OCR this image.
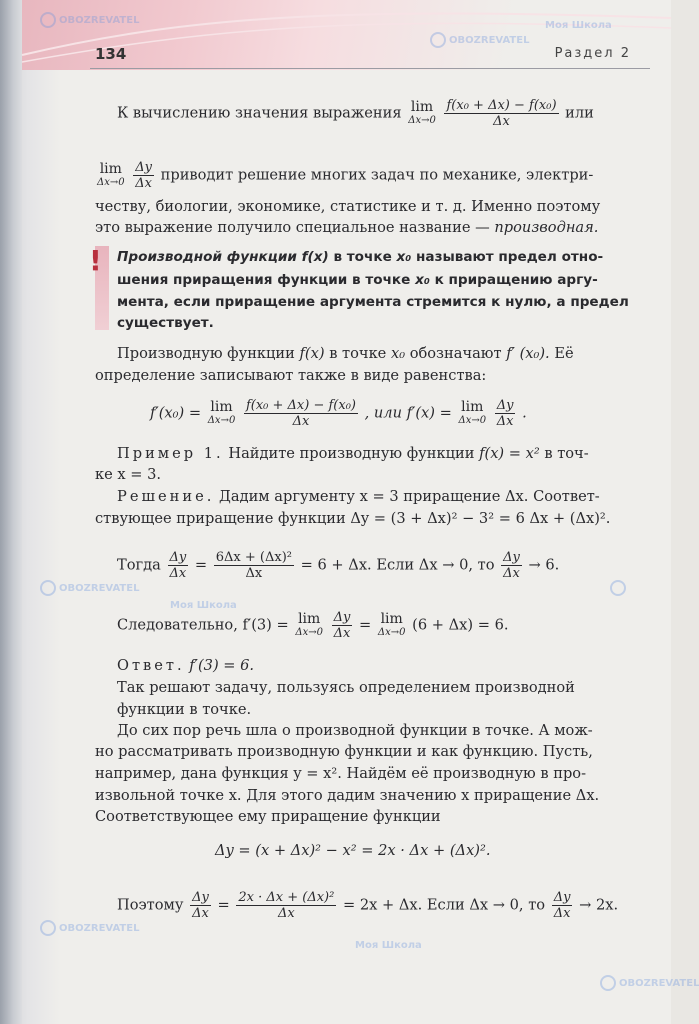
134	Раздел 2
OBOZREVATEL
OBOZREVATEL
Моя Школа
OBOZREVATEL
Моя Школа
OBOZREVATEL
Моя Школа
OBOZREVATEL
К вычислению значения выражения lim
Δx→0
$\frac{\text{f(x₀ + Δx) − f(x₀)}}{\Delta x}$ или
lim
Δx→0
$\frac{\Delta y}{\Delta x}$ приводит решение многих задач по механике, электри-
честву, биологии, экономике, статистике и т. д. Именно поэтому
это выражение получило специальное название — производная.
! Производной функции f(x) в точке x₀ называют предел отно-
шения приращения функции в точке x₀ к приращению аргу-
мента, если приращение аргумента стремится к нулю, а предел
существует.
Производную функции f(x) в точке x₀ обозначают f′ (x₀). Её
определение записывают также в виде равенства:
f′(x₀) = lim
Δx→0
$\frac{\text{f(x₀ + Δx) − f(x₀)}}{\Delta x}$ , или f′(x) = lim
Δx→0
$\frac{\Delta y}{\Delta x}$ .
Пример 1. Найдите производную функции f(x) = x² в точ-
ке x = 3.
Решение. Дадим аргументу x = 3 приращение Δx. Соответ-
ствующее приращение функции Δy = (3 + Δx)² − 3² = 6 Δx + (Δx)².
Тогда $\frac{\Delta y}{\Delta x} = \frac{\text{6Δx + (Δx)²}}{\Delta x} = 6 + \Delta x$. Если Δx → 0, то $\frac{\Delta y}{\Delta x} \to 6$.
Следовательно, f′(3) = lim
Δx→0
$\frac{\Delta y}{\Delta x} = \lim$
Δx→0 (6 + Δx) = 6.
Ответ. f′(3) = 6.
Так решают задачу, пользуясь определением производной
функции в точке.
До сих пор речь шла о производной функции в точке. А мож-
но рассматривать производную функции и как функцию. Пусть,
например, дана функция y = x². Найдём её производную в про-
извольной точке x. Для этого дадим значению x приращение Δx.
Соответствующее ему приращение функции
Δy = (x + Δx)² − x² = 2x · Δx + (Δx)².
Поэтому $\frac{\Delta y}{\Delta x} = \frac{\text{2x · Δx + (Δx)²}}{\Delta x} = 2x + \Delta x$. Если Δx → 0, то $\frac{\Delta y}{\Delta x} \to 2x$.
